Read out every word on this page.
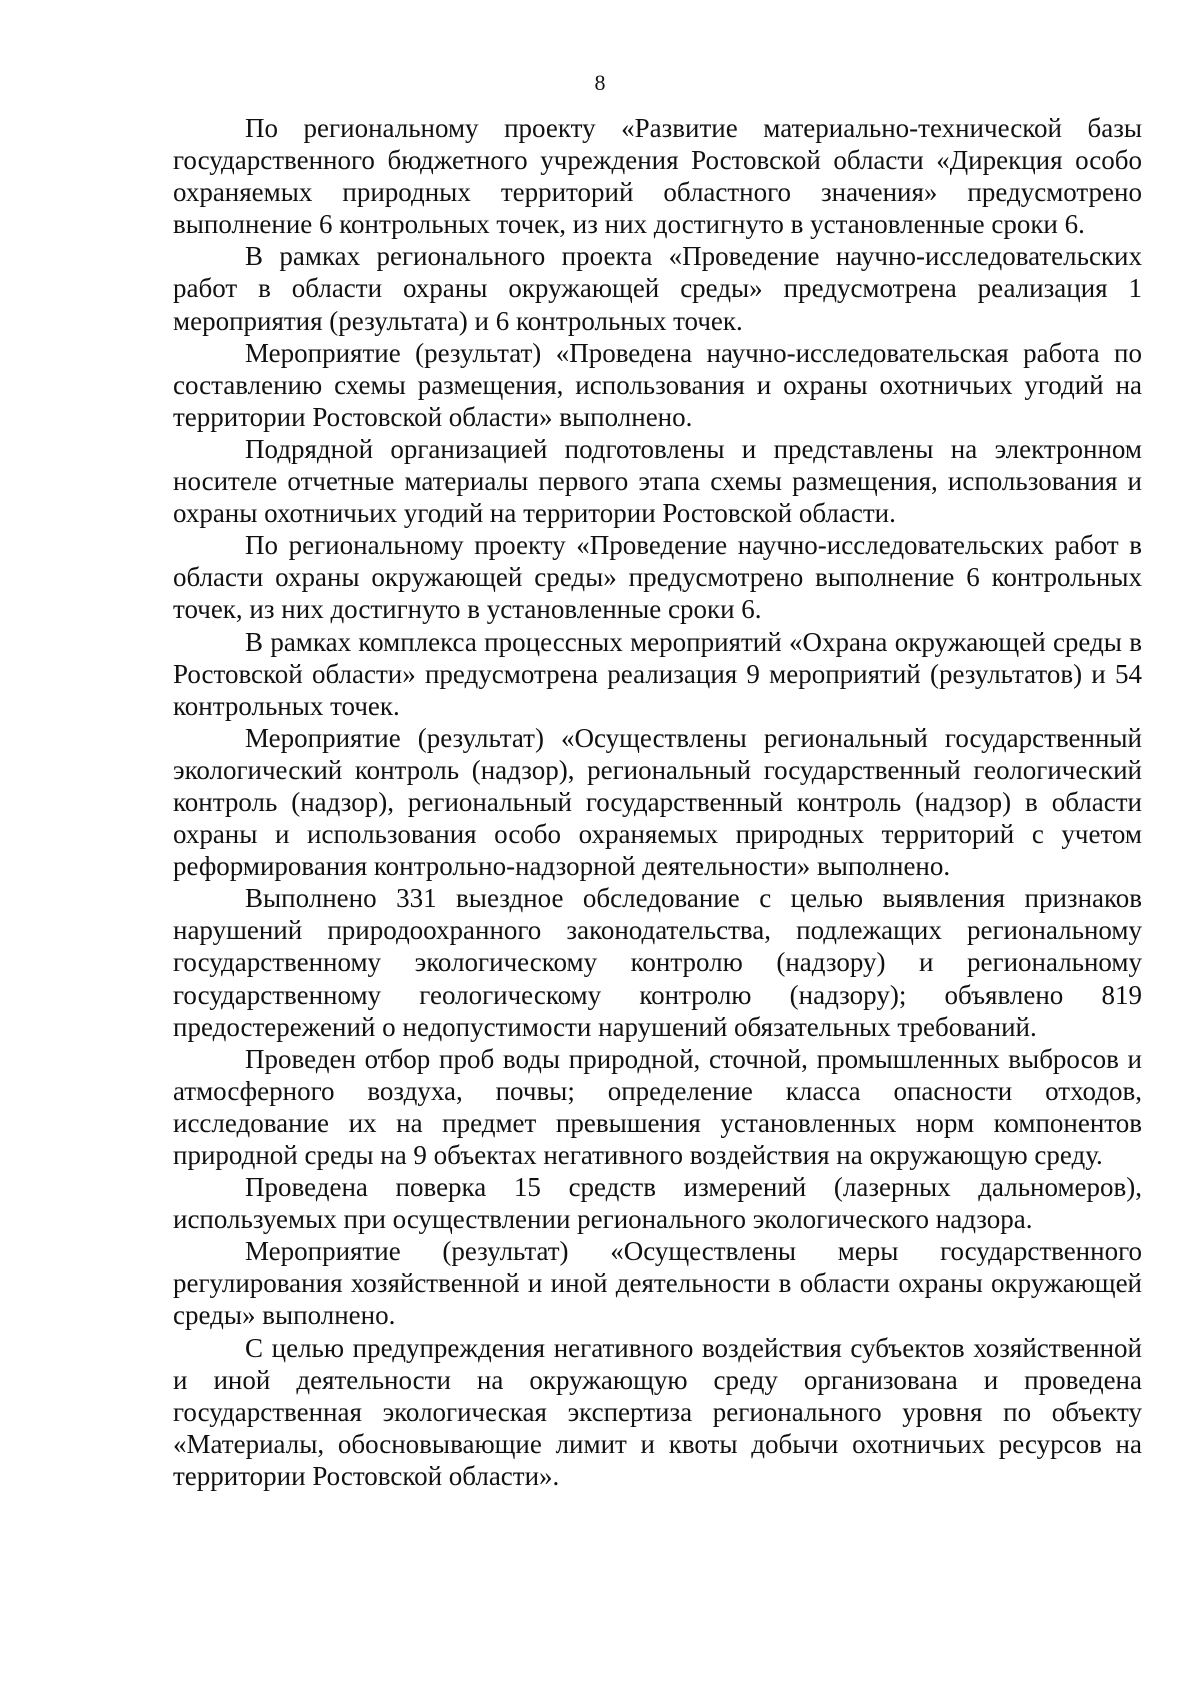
8

По региональному проекту «Развитие материально-технической базы государственного бюджетного учреждения Ростовской области «Дирекция особо охраняемых природных территорий областного значения» предусмотрено выполнение 6 контрольных точек, из них достигнуто в установленные сроки 6.

В рамках регионального проекта «Проведение научно-исследовательских работ в области охраны окружающей среды» предусмотрена реализация 1 мероприятия (результата) и 6 контрольных точек.

Мероприятие (результат) «Проведена научно-исследовательская работа по составлению схемы размещения, использования и охраны охотничьих угодий на территории Ростовской области» выполнено.

Подрядной организацией подготовлены и представлены на электронном носителе отчетные материалы первого этапа схемы размещения, использования и охраны охотничьих угодий на территории Ростовской области.

По региональному проекту «Проведение научно-исследовательских работ в области охраны окружающей среды» предусмотрено выполнение 6 контрольных точек, из них достигнуто в установленные сроки 6.

В рамках комплекса процессных мероприятий «Охрана окружающей среды в Ростовской области» предусмотрена реализация 9 мероприятий (результатов) и 54 контрольных точек.

Мероприятие (результат) «Осуществлены региональный государственный экологический контроль (надзор), региональный государственный геологический контроль (надзор), региональный государственный контроль (надзор) в области охраны и использования особо охраняемых природных территорий с учетом реформирования контрольно-надзорной деятельности» выполнено.

Выполнено 331 выездное обследование с целью выявления признаков нарушений природоохранного законодательства, подлежащих региональному государственному экологическому контролю (надзору) и региональному государственному геологическому контролю (надзору); объявлено 819 предостережений о недопустимости нарушений обязательных требований.

Проведен отбор проб воды природной, сточной, промышленных выбросов и атмосферного воздуха, почвы; определение класса опасности отходов, исследование их на предмет превышения установленных норм компонентов природной среды на 9 объектах негативного воздействия на окружающую среду.

Проведена поверка 15 средств измерений (лазерных дальномеров), используемых при осуществлении регионального экологического надзора.

Мероприятие (результат) «Осуществлены меры государственного регулирования хозяйственной и иной деятельности в области охраны окружающей среды» выполнено.

С целью предупреждения негативного воздействия субъектов хозяйственной и иной деятельности на окружающую среду организована и проведена государственная экологическая экспертиза регионального уровня по объекту «Материалы, обосновывающие лимит и квоты добычи охотничьих ресурсов на территории Ростовской области».
